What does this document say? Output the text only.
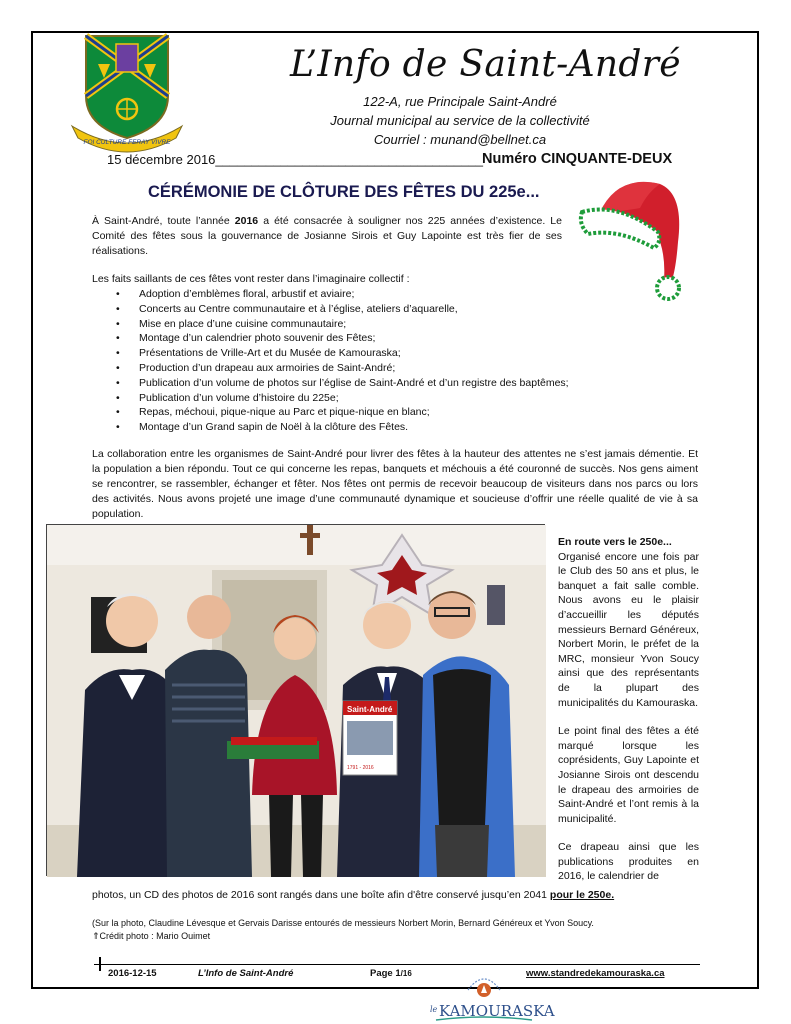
FOI CULTURE FERAY VIVRE
L’Info de Saint-André
122-A, rue Principale Saint-André
Journal municipal au service de la collectivité
Courriel : munand@bellnet.ca
15 décembre 2016_____________________________________ Numéro CINQUANTE-DEUX
CÉRÉMONIE DE CLÔTURE DES FÊTES DU 225e...

À Saint-André, toute l’année 2016 a été consacrée à souligner nos 225 années d’existence. Le Comité des fêtes sous la gouvernance de Josianne Sirois et Guy Lapointe est très fier de ses réalisations.

Les faits saillants de ces fêtes vont rester dans l’imaginaire collectif :

• Adoption d’emblèmes floral, arbustif et aviaire;
• Concerts au Centre communautaire et à l’église, ateliers d’aquarelle,
• Mise en place d’une cuisine communautaire;
• Montage d’un calendrier photo souvenir des Fêtes;
• Présentations de Vrille-Art et du Musée de Kamouraska;
• Production d’un drapeau aux armoiries de Saint-André;
• Publication d’un volume de photos sur l’église de Saint-André et d’un registre des baptêmes;
• Publication d’un volume d’histoire du 225e;
• Repas, méchoui, pique-nique au Parc et pique-nique en blanc;
• Montage d’un Grand sapin de Noël à la clôture des Fêtes.

La collaboration entre les organismes de Saint-André pour livrer des fêtes à la hauteur des attentes ne s’est jamais démentie. Et la population a bien répondu. Tout ce qui concerne les repas, banquets et méchouis a été couronné de succès. Nos gens aiment se rencontrer, se rassembler, échanger et fêter. Nos fêtes ont permis de recevoir beaucoup de visiteurs dans nos parcs ou lors des activités. Nous avons projeté une image d’une communauté dynamique et soucieuse d’offrir une réelle qualité de vie à sa population.

Saint-André
1791 - 2016

En route vers le 250e...

Organisé encore une fois par le Club des 50 ans et plus, le banquet a fait salle comble. Nous avons eu le plaisir d’accueillir les députés messieurs Bernard Généreux, Norbert Morin, le préfet de la MRC, monsieur Yvon Soucy ainsi que des représentants de la plupart des municipalités du Kamouraska.

Le point final des fêtes a été marqué lorsque les coprésidents, Guy Lapointe et Josianne Sirois ont descendu le drapeau des armoiries de Saint-André et l’ont remis à la municipalité.

Ce drapeau ainsi que les publications produites en 2016, le calendrier de

photos, un CD des photos de 2016 sont rangés dans une boîte afin d'être conservé jusqu’en 2041 pour le 250e.

(Sur la photo, Claudine Lévesque et Gervais Darisse entourés de messieurs Norbert Morin, Bernard Généreux et Yvon Soucy.
⇑Crédit photo : Mario Ouimet
2016-12-15	L’Info de Saint-André	Page 1/16	www.standredekamouraska.ca
le KAMOURASKA
